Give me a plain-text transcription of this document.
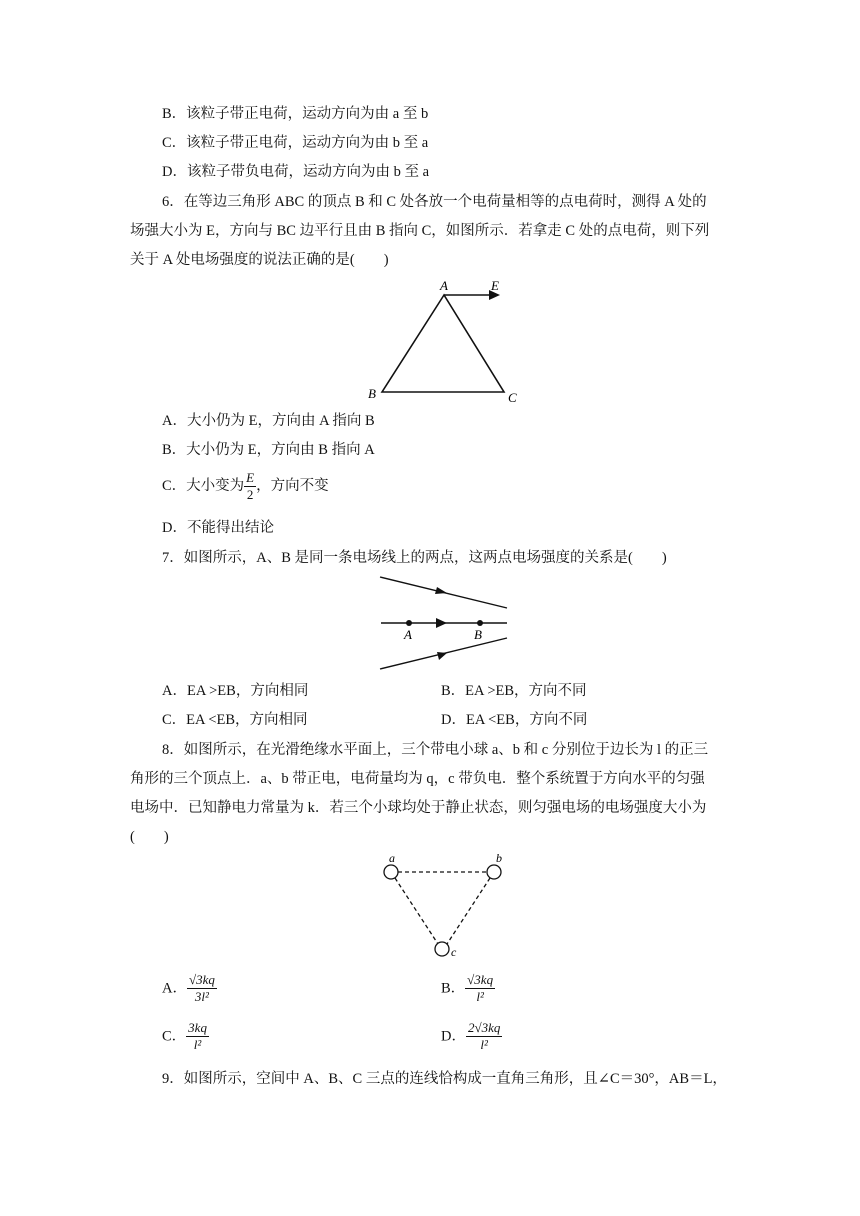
B．该粒子带正电荷，运动方向为由 a 至 b
C．该粒子带正电荷，运动方向为由 b 至 a
D．该粒子带负电荷，运动方向为由 b 至 a
6．在等边三角形 ABC 的顶点 B 和 C 处各放一个电荷量相等的点电荷时，测得 A 处的
场强大小为 E，方向与 BC 边平行且由 B 指向 C，如图所示．若拿走 C 处的点电荷，则下列
关于 A 处电场强度的说法正确的是(　　)
A	E
B	C
A．大小仍为 E，方向由 A 指向 B
B．大小仍为 E，方向由 B 指向 A
C．大小变为 $\frac{E}{2}$ ，方向不变
D．不能得出结论
7．如图所示，A、B 是同一条电场线上的两点，这两点电场强度的关系是(　　)
A	B
A．EA >EB，方向相同	B．EA >EB，方向不同
C．EA <EB，方向相同	D．EA <EB，方向不同
8．如图所示，在光滑绝缘水平面上，三个带电小球 a、b 和 c 分别位于边长为 l 的正三
角形的三个顶点上．a、b 带正电，电荷量均为 q，c 带负电．整个系统置于方向水平的匀强
电场中．已知静电力常量为 k．若三个小球均处于静止状态，则匀强电场的电场强度大小为
(　　)
a	b
c
A． $\frac{√3kq}{\text{3l²}}$	B． $\frac{√3kq}{\text{l²}}$
C． $\frac{3kq}{\text{l²}}$	D． $\frac{2√3kq}{\text{l²}}$
9．如图所示，空间中 A、B、C 三点的连线恰构成一直角三角形，且∠C＝30°，AB＝L，
